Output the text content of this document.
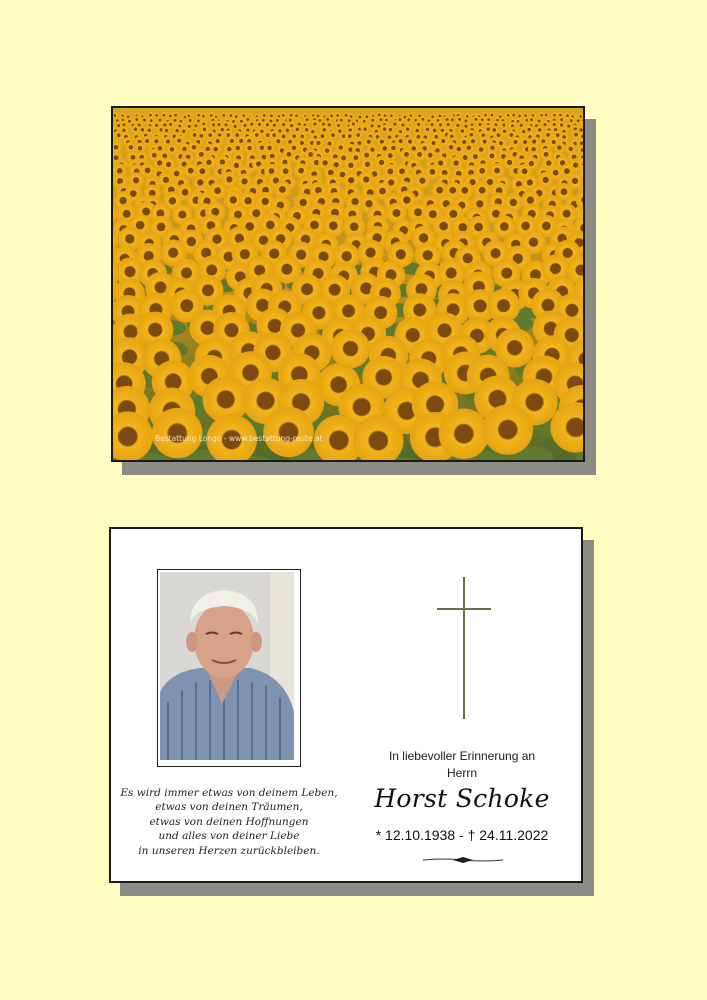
Bestattung Longo - www.bestattung-reute.at
Es wird immer etwas von deinem Leben,
etwas von deinen Träumen,
etwas von deinen Hoffnungen
und alles von deiner Liebe
in unseren Herzen zurückbleiben.
In liebevoller Erinnerung an
Herrn
Horst Schoke
* 12.10.1938 - † 24.11.2022
